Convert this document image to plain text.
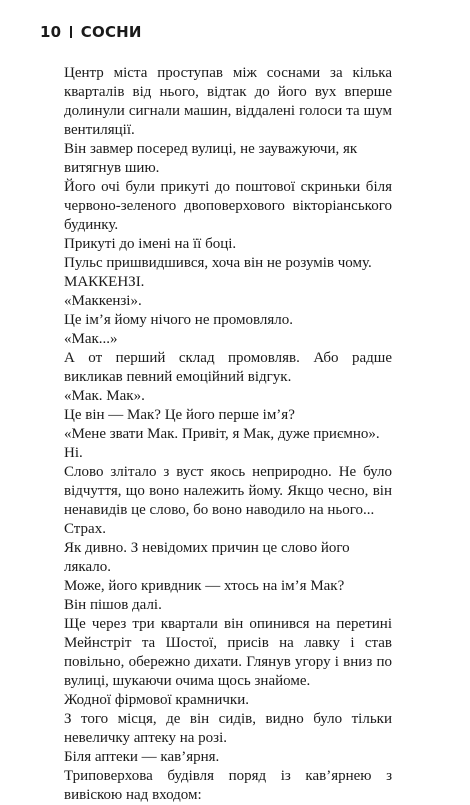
10 СОСНИ

Центр міста проступав між соснами за кілька кварталів від нього, відтак до його вух вперше долинули сигнали машин, віддалені голоси та шум вентиляції.

Він завмер посеред вулиці, не зауважуючи, як витягнув шию.

Його очі були прикуті до поштової скриньки біля червоно-зеленого двоповерхового вікторіанського будинку.

Прикуті до імені на її боці.

Пульс пришвидшився, хоча він не розумів чому.

МАККЕНЗІ.

«Маккензі».

Це ім’я йому нічого не промовляло.

«Мак...»

А от перший склад промовляв. Або радше викликав певний емоційний відгук.

«Мак. Мак».

Це він — Мак? Це його перше ім’я?

«Мене звати Мак. Привіт, я Мак, дуже приємно».

Ні.

Слово злітало з вуст якось неприродно. Не було відчуття, що воно належить йому. Якщо чесно, він ненавидів це слово, бо воно наводило на нього...

Страх.

Як дивно. З невідомих причин це слово його лякало.

Може, його кривдник — хтось на ім’я Мак?

Він пішов далі.

Ще через три квартали він опинився на перетині Мейнстріт та Шостої, присів на лавку і став повільно, обережно дихати. Глянув угору і вниз по вулиці, шукаючи очима щось знайоме.

Жодної фірмової крамнички.

З того місця, де він сидів, видно було тільки невеличку аптеку на розі.

Біля аптеки — кав’ярня.

Триповерхова будівля поряд із кав’ярнею з вивіскою над входом:
